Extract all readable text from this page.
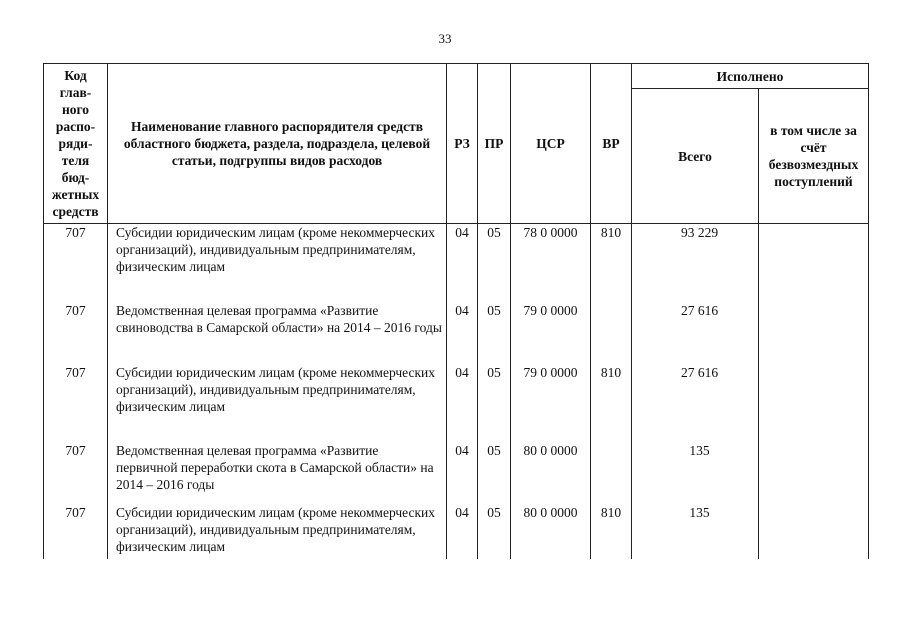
33
Код глав-ного распо-ряди-теля бюд-жетных средств	Наименование главного распорядителя средств областного бюджета, раздела, подраздела, целевой статьи, подгруппы видов расходов	РЗ	ПР	ЦСР	ВР	Исполнено	
						Всего	в том числе за счёт безвозмездных поступлений
707	Субсидии юридическим лицам (кроме некоммерческих организаций), индивидуальным предпринимателям, физическим лицам	04	05	78 0 0000	810	93 229	
707	Ведомственная целевая программа «Развитие свиноводства в Самарской области» на 2014 – 2016 годы	04	05	79 0 0000		27 616	
707	Субсидии юридическим лицам (кроме некоммерческих организаций), индивидуальным предпринимателям, физическим лицам	04	05	79 0 0000	810	27 616	
707	Ведомственная целевая программа «Развитие первичной переработки скота в Самарской области» на 2014 – 2016 годы	04	05	80 0 0000		135	
707	Субсидии юридическим лицам (кроме некоммерческих организаций), индивидуальным предпринимателям, физическим лицам	04	05	80 0 0000	810	135	
